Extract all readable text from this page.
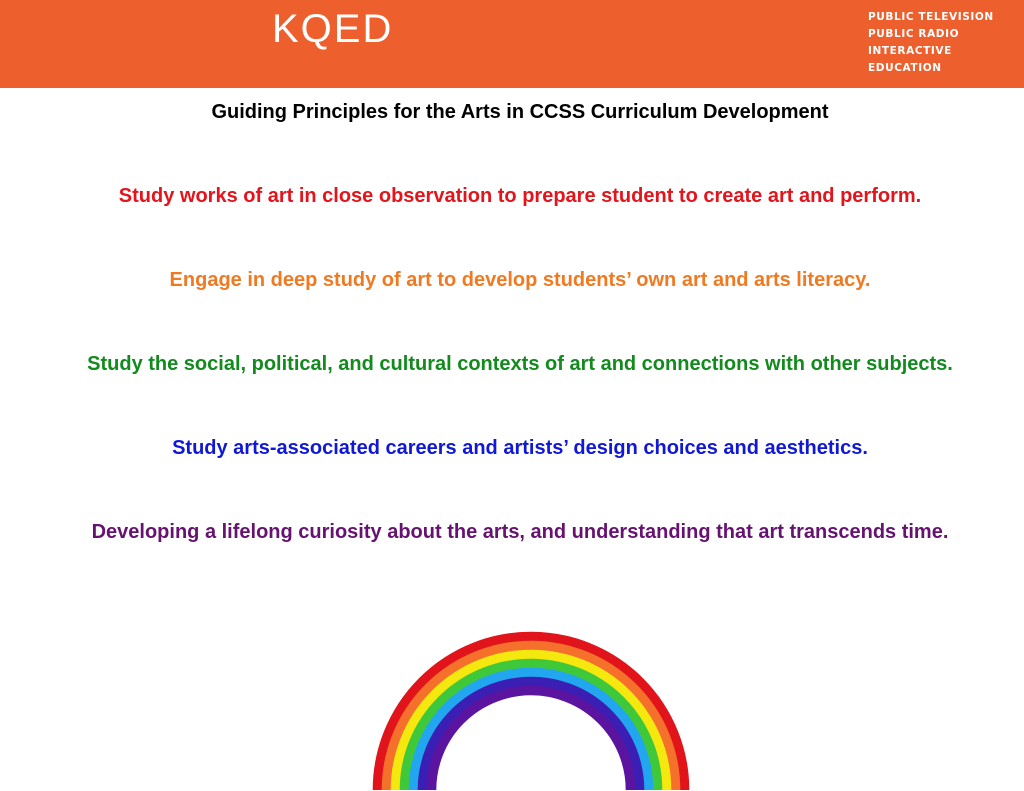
KQED	PUBLIC TELEVISION
PUBLIC RADIO
INTERACTIVE
EDUCATION
Guiding Principles for the Arts in CCSS Curriculum Development
Study works of art in close observation to prepare student to create art and perform.
Engage in deep study of art to develop students’ own art and arts literacy.
Study the social, political, and cultural contexts of art and connections with other subjects.
Study arts-associated careers and artists’ design choices and aesthetics.
Developing a lifelong curiosity about the arts, and understanding that art transcends time.
